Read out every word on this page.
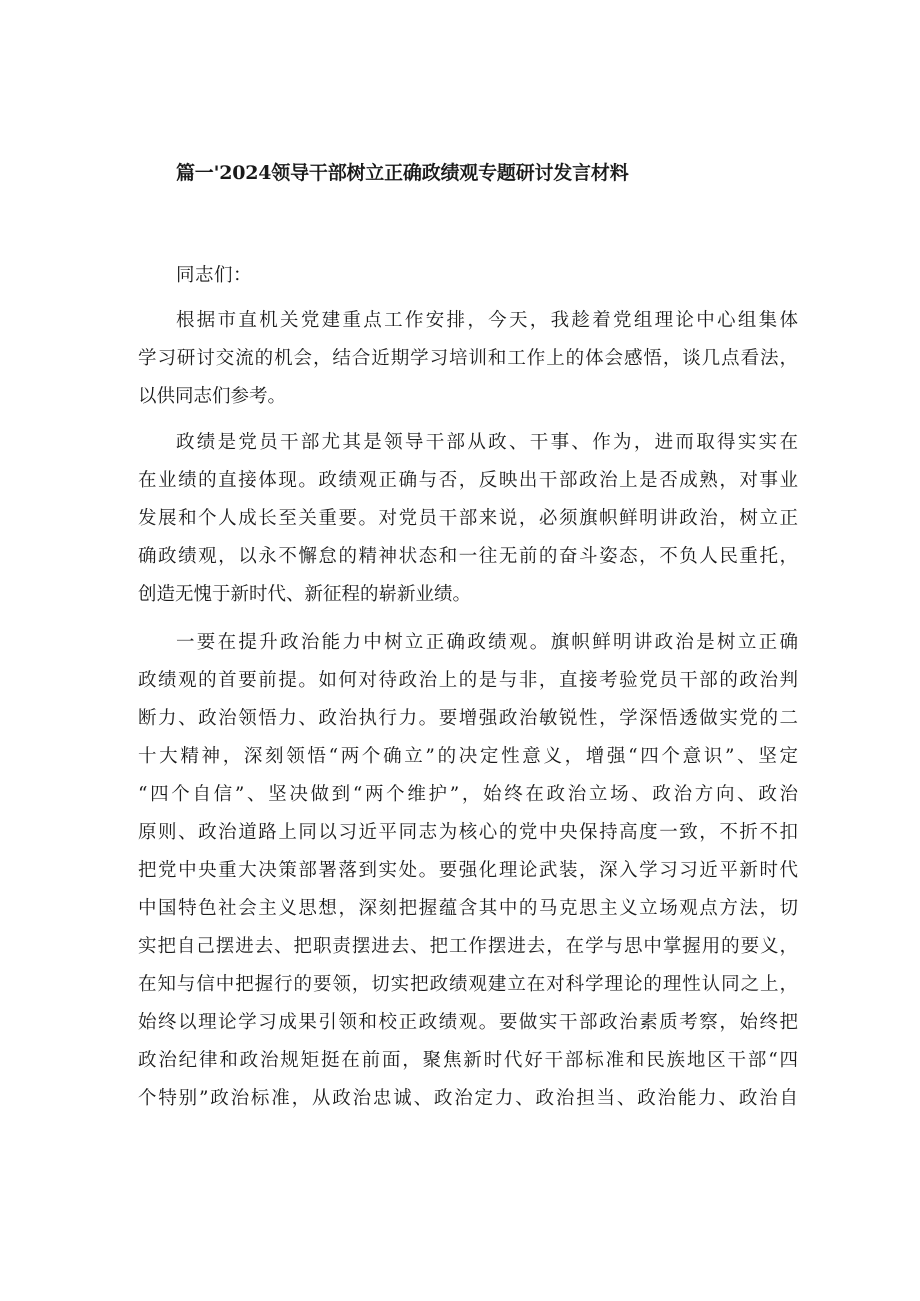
篇一'2024领导干部树立正确政绩观专题研讨发言材料
同志们：
根据市直机关党建重点工作安排，今天，我趁着党组理论中心组集体
学习研讨交流的机会，结合近期学习培训和工作上的体会感悟，谈几点看法，
以供同志们参考。
政绩是党员干部尤其是领导干部从政、干事、作为，进而取得实实在
在业绩的直接体现。政绩观正确与否，反映出干部政治上是否成熟，对事业
发展和个人成长至关重要。对党员干部来说，必须旗帜鲜明讲政治，树立正
确政绩观，以永不懈怠的精神状态和一往无前的奋斗姿态，不负人民重托，
创造无愧于新时代、新征程的崭新业绩。
一要在提升政治能力中树立正确政绩观。旗帜鲜明讲政治是树立正确
政绩观的首要前提。如何对待政治上的是与非，直接考验党员干部的政治判
断力、政治领悟力、政治执行力。要增强政治敏锐性，学深悟透做实党的二
十大精神，深刻领悟“两个确立”的决定性意义，增强“四个意识”、坚定
“四个自信”、坚决做到“两个维护”，始终在政治立场、政治方向、政治
原则、政治道路上同以习近平同志为核心的党中央保持高度一致，不折不扣
把党中央重大决策部署落到实处。要强化理论武装，深入学习习近平新时代
中国特色社会主义思想，深刻把握蕴含其中的马克思主义立场观点方法，切
实把自己摆进去、把职责摆进去、把工作摆进去，在学与思中掌握用的要义，
在知与信中把握行的要领，切实把政绩观建立在对科学理论的理性认同之上，
始终以理论学习成果引领和校正政绩观。要做实干部政治素质考察，始终把
政治纪律和政治规矩挺在前面，聚焦新时代好干部标准和民族地区干部“四
个特别”政治标准，从政治忠诚、政治定力、政治担当、政治能力、政治自
